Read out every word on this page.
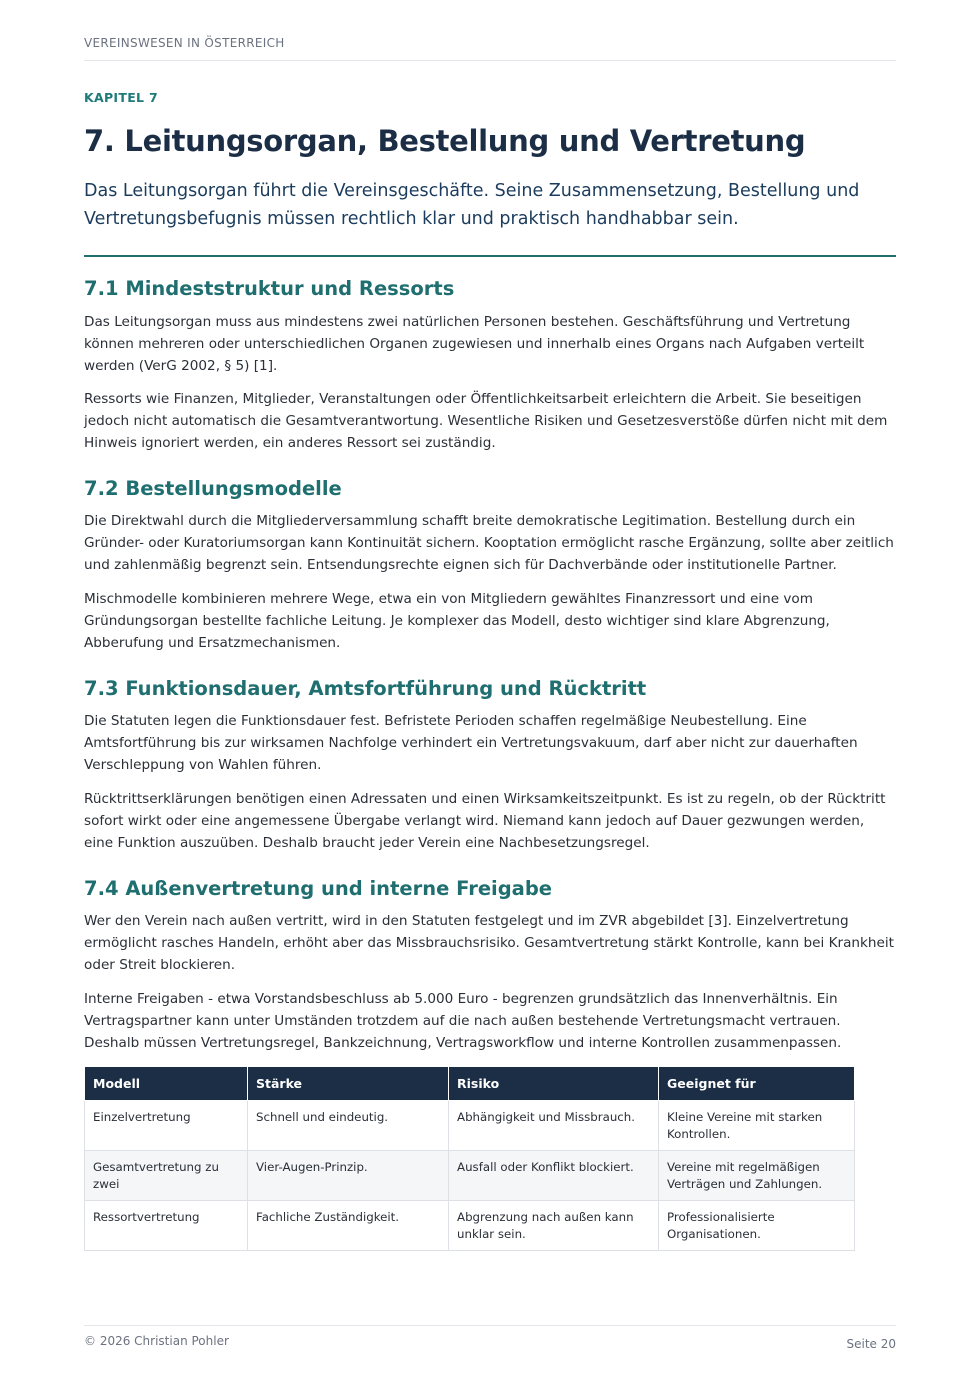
VEREINSWESEN IN ÖSTERREICH
KAPITEL 7
7. Leitungsorgan, Bestellung und Vertretung

Das Leitungsorgan führt die Vereinsgeschäfte. Seine Zusammensetzung, Bestellung und Vertretungsbefugnis müssen rechtlich klar und praktisch handhabbar sein.

7.1 Mindeststruktur und Ressorts

Das Leitungsorgan muss aus mindestens zwei natürlichen Personen bestehen. Geschäftsführung und Vertretung können mehreren oder unterschiedlichen Organen zugewiesen und innerhalb eines Organs nach Aufgaben verteilt werden (VerG 2002, § 5) [1].

Ressorts wie Finanzen, Mitglieder, Veranstaltungen oder Öffentlichkeitsarbeit erleichtern die Arbeit. Sie beseitigen jedoch nicht automatisch die Gesamtverantwortung. Wesentliche Risiken und Gesetzesverstöße dürfen nicht mit dem Hinweis ignoriert werden, ein anderes Ressort sei zuständig.

7.2 Bestellungsmodelle

Die Direktwahl durch die Mitgliederversammlung schafft breite demokratische Legitimation. Bestellung durch ein Gründer- oder Kuratoriumsorgan kann Kontinuität sichern. Kooptation ermöglicht rasche Ergänzung, sollte aber zeitlich und zahlenmäßig begrenzt sein. Entsendungsrechte eignen sich für Dachverbände oder institutionelle Partner.

Mischmodelle kombinieren mehrere Wege, etwa ein von Mitgliedern gewähltes Finanzressort und eine vom Gründungsorgan bestellte fachliche Leitung. Je komplexer das Modell, desto wichtiger sind klare Abgrenzung, Abberufung und Ersatzmechanismen.

7.3 Funktionsdauer, Amtsfortführung und Rücktritt

Die Statuten legen die Funktionsdauer fest. Befristete Perioden schaffen regelmäßige Neubestellung. Eine Amtsfortführung bis zur wirksamen Nachfolge verhindert ein Vertretungsvakuum, darf aber nicht zur dauerhaften Verschleppung von Wahlen führen.

Rücktrittserklärungen benötigen einen Adressaten und einen Wirksamkeitszeitpunkt. Es ist zu regeln, ob der Rücktritt sofort wirkt oder eine angemessene Übergabe verlangt wird. Niemand kann jedoch auf Dauer gezwungen werden, eine Funktion auszuüben. Deshalb braucht jeder Verein eine Nachbesetzungsregel.

7.4 Außenvertretung und interne Freigabe

Wer den Verein nach außen vertritt, wird in den Statuten festgelegt und im ZVR abgebildet [3]. Einzelvertretung ermöglicht rasches Handeln, erhöht aber das Missbrauchsrisiko. Gesamtvertretung stärkt Kontrolle, kann bei Krankheit oder Streit blockieren.

Interne Freigaben - etwa Vorstandsbeschluss ab 5.000 Euro - begrenzen grundsätzlich das Innenverhältnis. Ein Vertragspartner kann unter Umständen trotzdem auf die nach außen bestehende Vertretungsmacht vertrauen. Deshalb müssen Vertretungsregel, Bankzeichnung, Vertragsworkflow und interne Kontrollen zusammenpassen.

Modell	Stärke	Risiko	Geeignet für
Einzelvertretung	Schnell und eindeutig.	Abhängigkeit und Missbrauch.	Kleine Vereine mit starken Kontrollen.
Gesamtvertretung zu zwei	Vier-Augen-Prinzip.	Ausfall oder Konflikt blockiert.	Vereine mit regelmäßigen Verträgen und Zahlungen.
Ressortvertretung	Fachliche Zuständigkeit.	Abgrenzung nach außen kann unklar sein.	Professionalisierte Organisationen.
© 2026 Christian Pohler	Seite 20
